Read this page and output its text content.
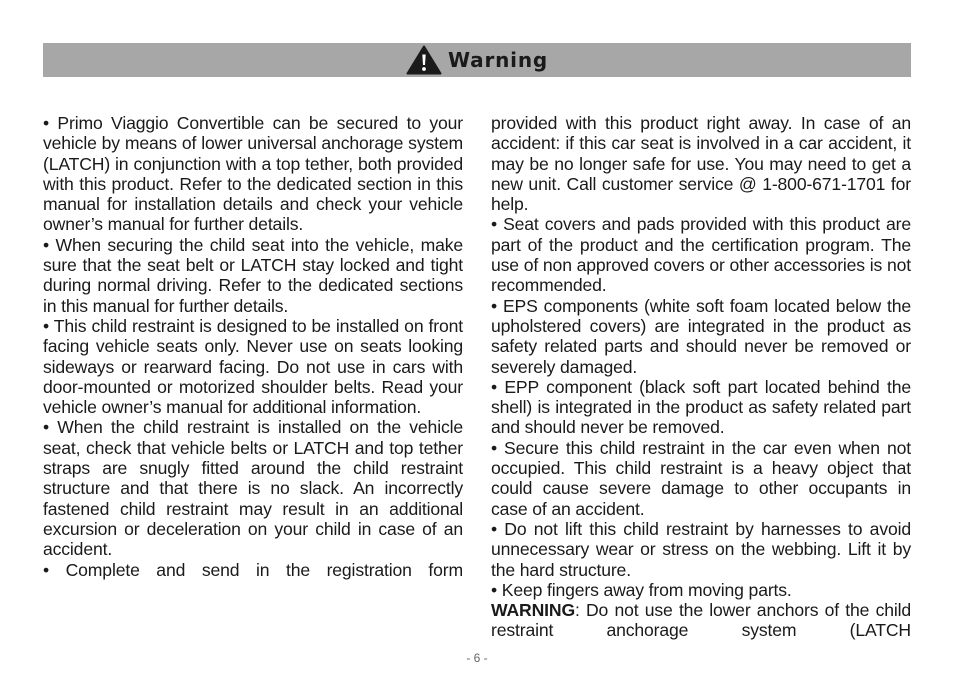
Warning

• Primo Viaggio Convertible can be secured to your vehicle by means of lower universal anchorage system (LATCH) in conjunction with a top tether, both provided with this product. Refer to the dedicated section in this manual for installation details and check your vehicle owner’s manual for further details.

• When securing the child seat into the vehicle, make sure that the seat belt or LATCH stay locked and tight during normal driving. Refer to the dedicated sections in this manual for further details.

• This child restraint is designed to be installed on front facing vehicle seats only. Never use on seats looking sideways or rearward facing. Do not use in cars with door-mounted or motorized shoulder belts. Read your vehicle owner’s manual for additional information.

• When the child restraint is installed on the vehicle seat, check that vehicle belts or LATCH and top tether straps are snugly fitted around the child restraint structure and that there is no slack. An incorrectly fastened child restraint may result in an additional excursion or deceleration on your child in case of an accident.

• Complete and send in the registration form

provided with this product right away. In case of an accident: if this car seat is involved in a car accident, it may be no longer safe for use. You may need to get a new unit. Call customer service @ 1-800-671-1701 for help.

• Seat covers and pads provided with this product are part of the product and the certification program. The use of non approved covers or other accessories is not recommended.

• EPS components (white soft foam located below the upholstered covers) are integrated in the product as safety related parts and should never be removed or severely damaged.

• EPP component (black soft part located behind the shell) is integrated in the product as safety related part and should never be removed.

• Secure this child restraint in the car even when not occupied. This child restraint is a heavy object that could cause severe damage to other occupants in case of an accident.

• Do not lift this child restraint by harnesses to avoid unnecessary wear or stress on the webbing. Lift it by the hard structure.

• Keep fingers away from moving parts.

WARNING: Do not use the lower anchors of the child restraint anchorage system (LATCH

- 6 -
